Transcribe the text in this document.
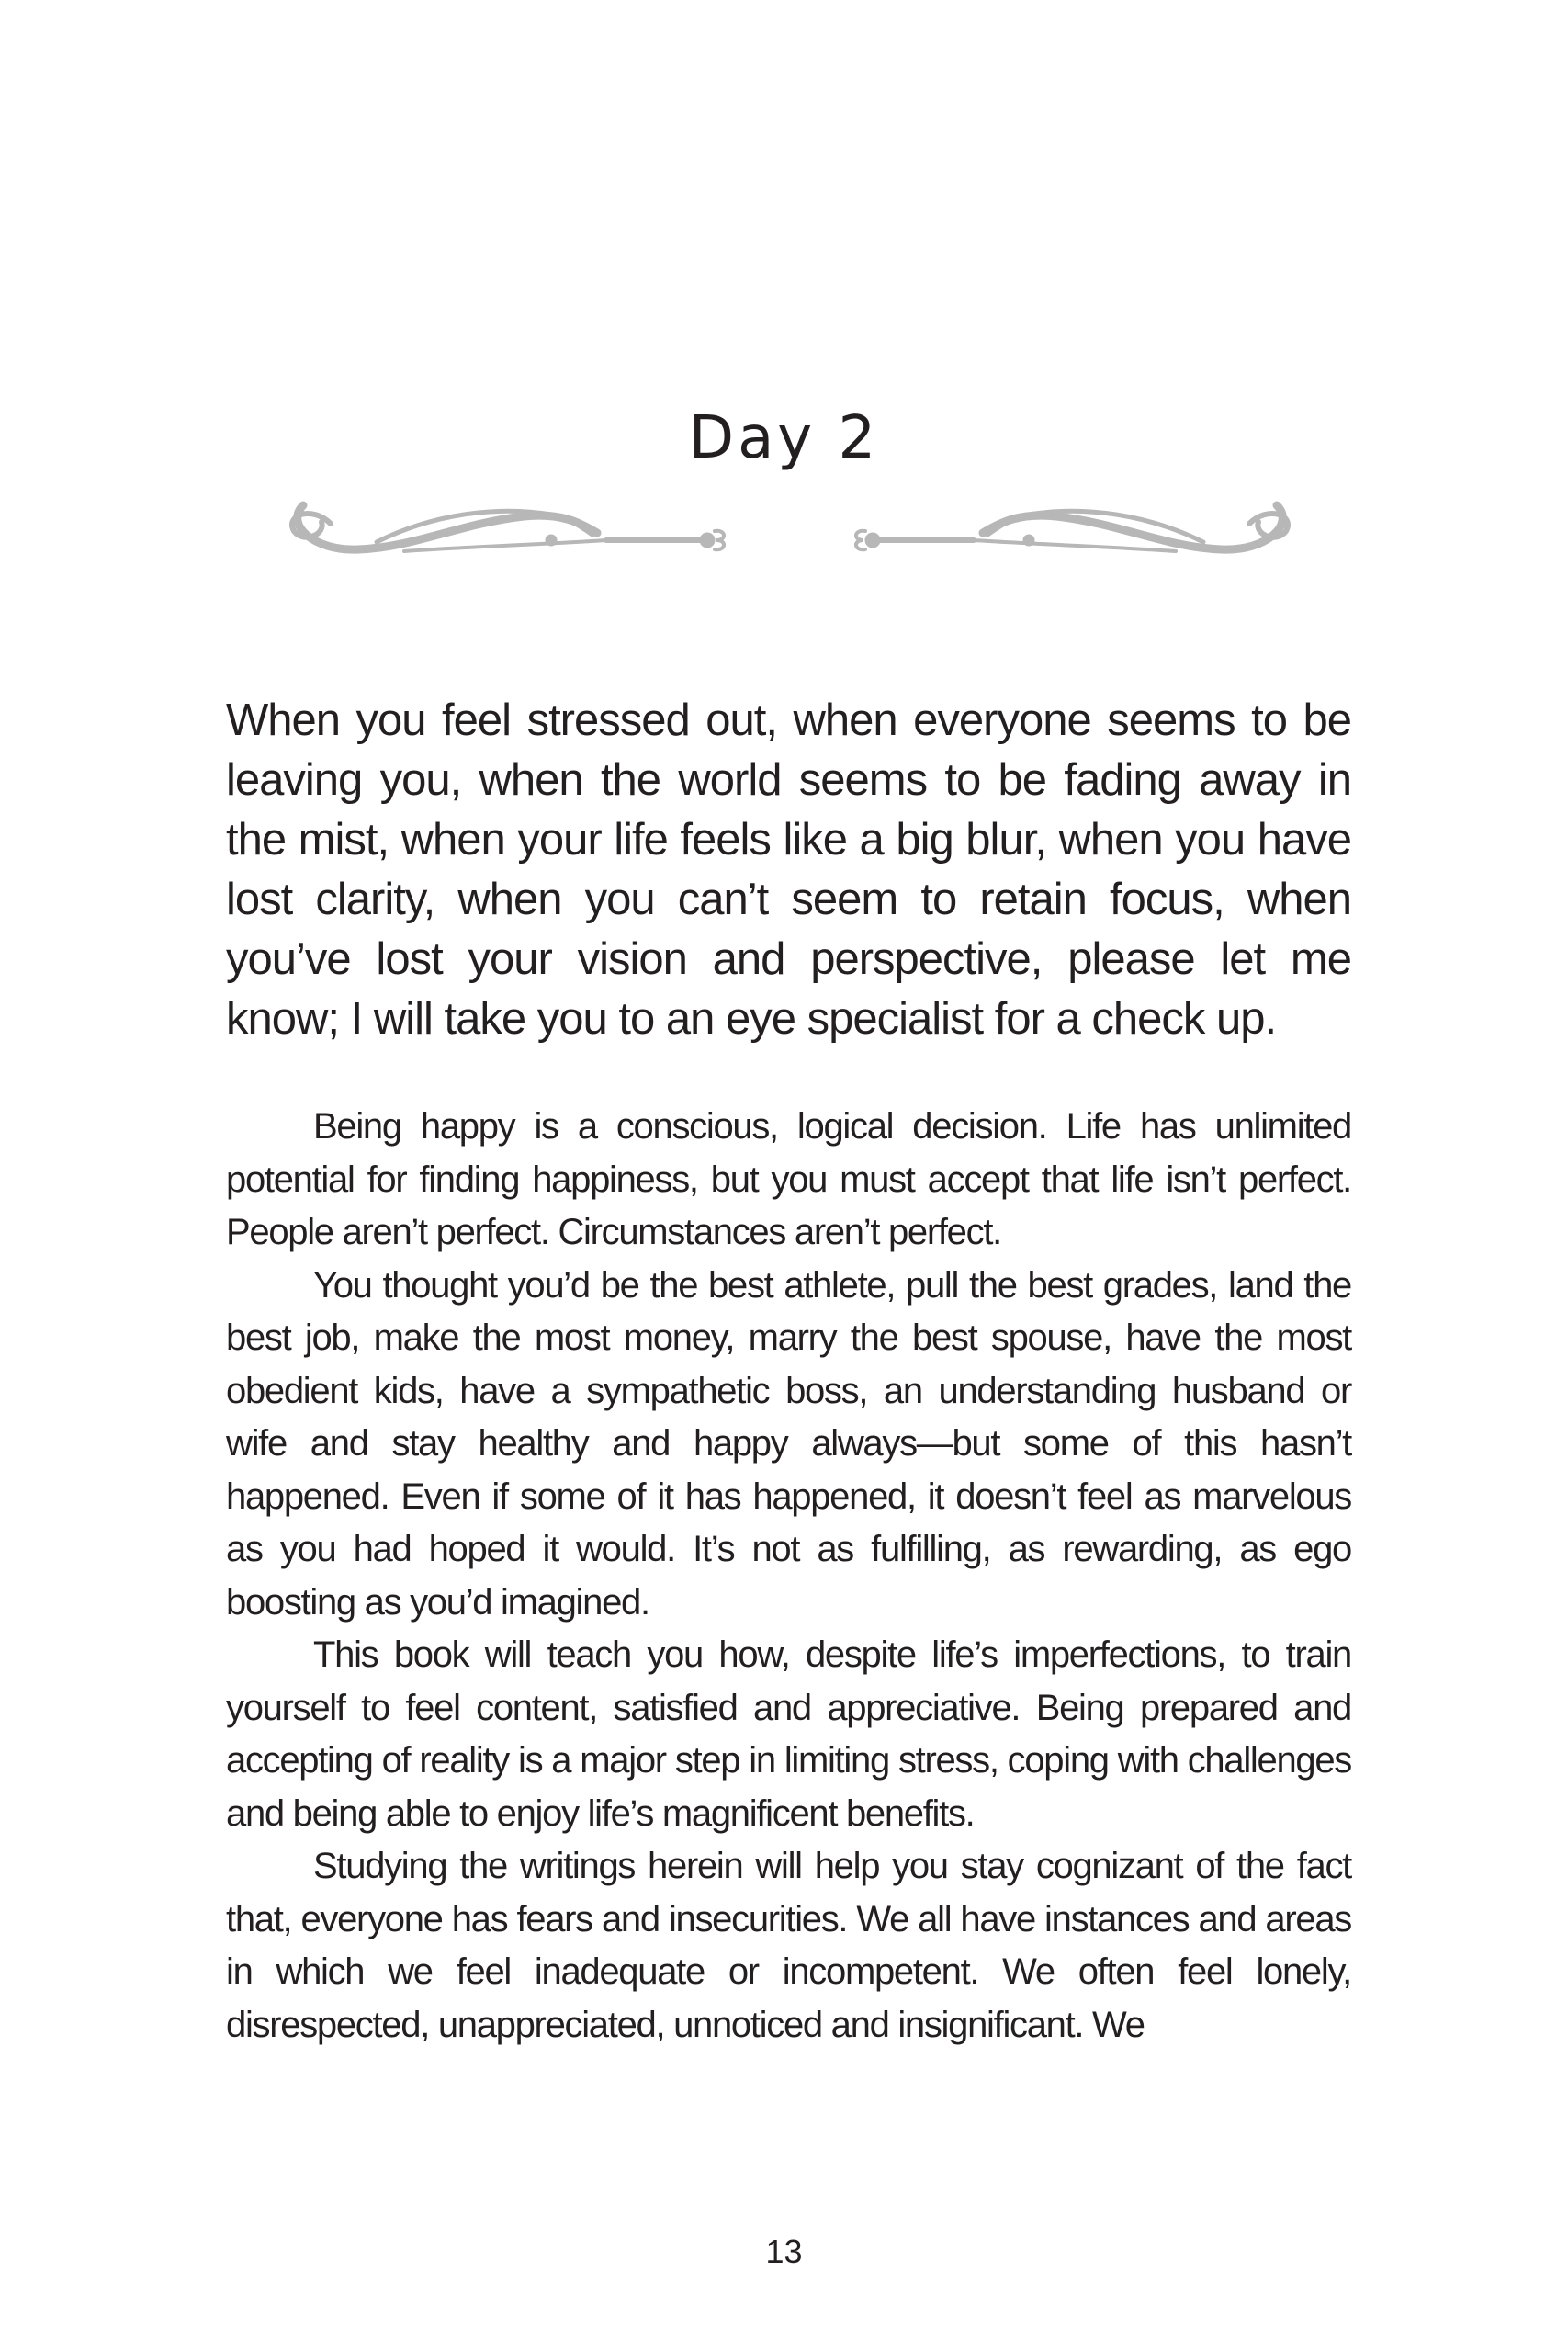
Day 2

When you feel stressed out, when everyone seems to be leaving you, when the world seems to be fading away in the mist, when your life feels like a big blur, when you have lost clarity, when you can’t seem to retain focus, when you’ve lost your vision and perspective, please let me know; I will take you to an eye specialist for a check up.

Being happy is a conscious, logical decision. Life has unlimited potential for finding happiness, but you must accept that life isn’t perfect. People aren’t perfect. Circumstances aren’t perfect.

You thought you’d be the best athlete, pull the best grades, land the best job, make the most money, marry the best spouse, have the most obedient kids, have a sympathetic boss, an understanding husband or wife and stay healthy and happy always—but some of this hasn’t happened. Even if some of it has happened, it doesn’t feel as marvelous as you had hoped it would. It’s not as fulfilling, as rewarding, as ego boosting as you’d imagined.

This book will teach you how, despite life’s imperfections, to train yourself to feel content, satisfied and appreciative. Being prepared and accepting of reality is a major step in limiting stress, coping with challenges and being able to enjoy life’s magnificent benefits.

Studying the writings herein will help you stay cognizant of the fact that, everyone has fears and insecurities. We all have instances and areas in which we feel inadequate or incompetent. We often feel lonely, disrespected, unappreciated, unnoticed and insignificant. We

13
